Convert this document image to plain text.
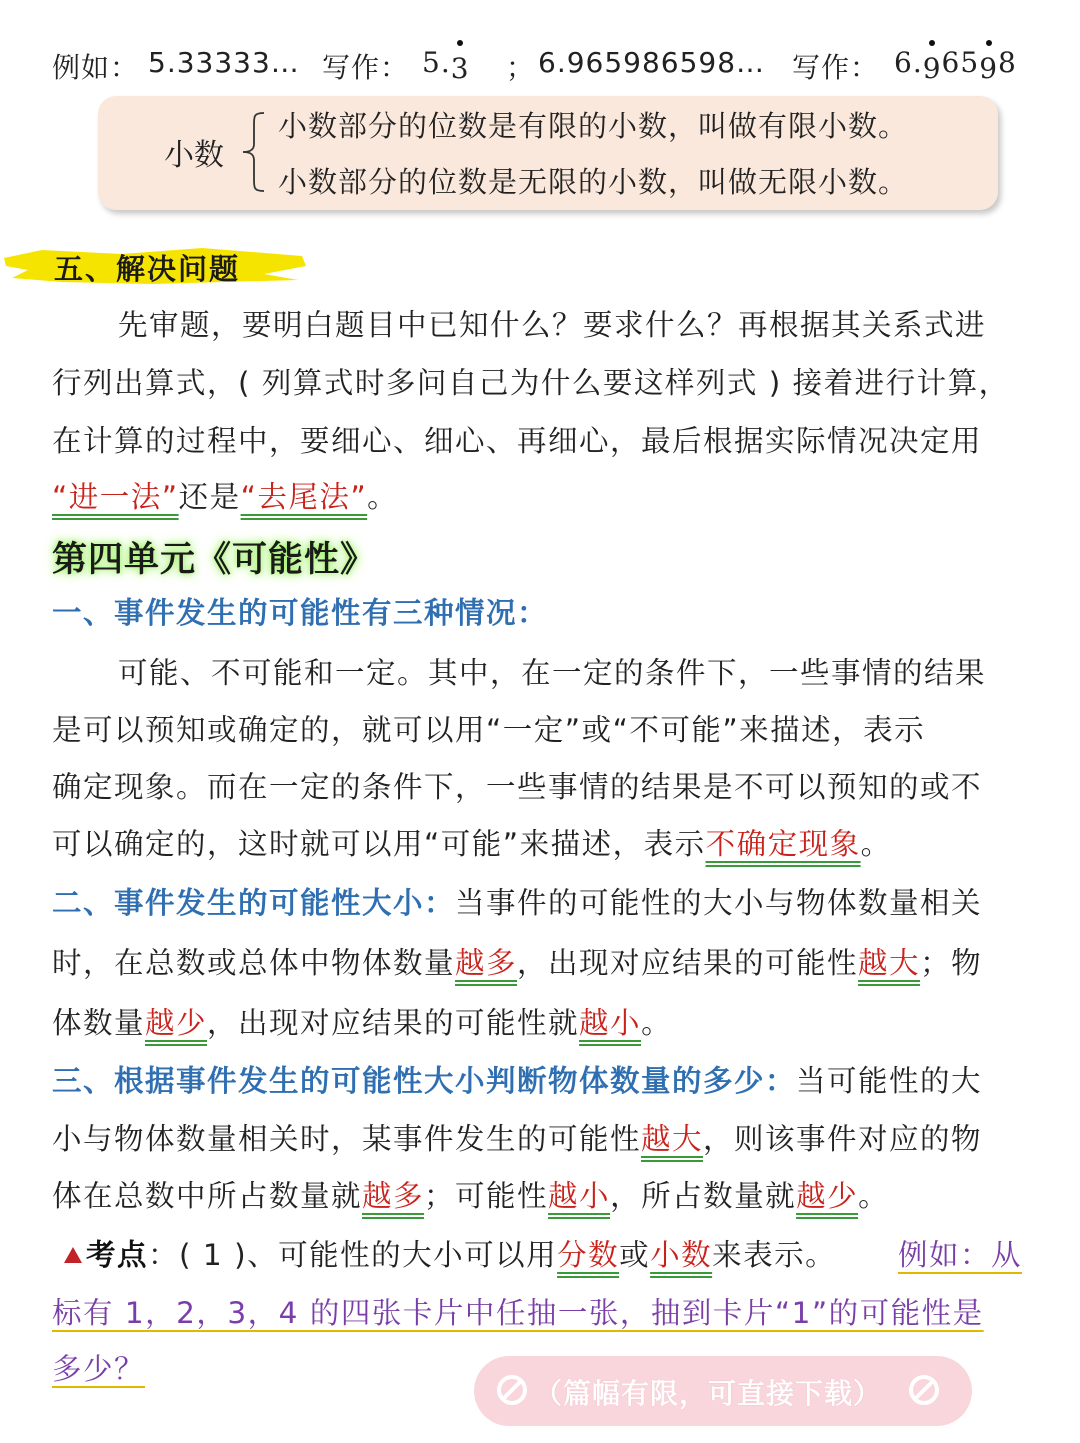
例如： 5.33333… 写作： 5.3 ； 6.965986598… 写作： 6.96598
小数
小数部分的位数是有限的小数，叫做有限小数。
小数部分的位数是无限的小数，叫做无限小数。
五、解决问题
先审题，要明白题目中已知什么？要求什么？再根据其关系式进
行列出算式，( 列算式时多问自己为什么要这样列式 ) 接着进行计算，
在计算的过程中，要细心、细心、再细心，最后根据实际情况决定用
“进一法”还是“去尾法”。
第四单元《可能性》
一、事件发生的可能性有三种情况：
可能、不可能和一定。其中，在一定的条件下，一些事情的结果
是可以预知或确定的，就可以用“一定”或“不可能”来描述，表示
确定现象。而在一定的条件下，一些事情的结果是不可以预知的或不
可以确定的，这时就可以用“可能”来描述，表示不确定现象。
二、事件发生的可能性大小：当事件的可能性的大小与物体数量相关
时，在总数或总体中物体数量越多，出现对应结果的可能性越大；物
体数量越少，出现对应结果的可能性就越小。
三、根据事件发生的可能性大小判断物体数量的多少：当可能性的大
小与物体数量相关时，某事件发生的可能性越大，则该事件对应的物
体在总数中所占数量就越多；可能性越小，所占数量就越少。
考点：( 1 )、可能性的大小可以用分数或小数来表示。 例如：从
标有 1，2，3，4 的四张卡片中任抽一张，抽到卡片“1”的可能性是
多少？
（篇幅有限，可直接下载）
